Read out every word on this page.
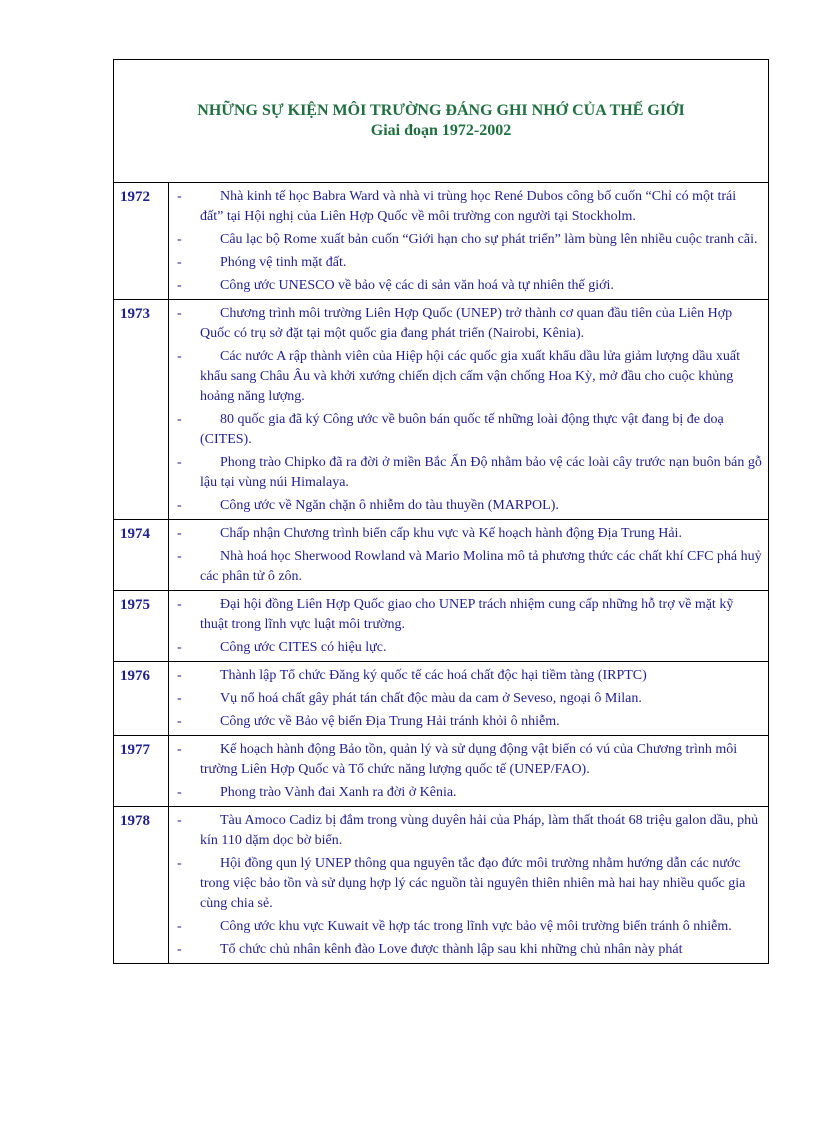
NHỮNG SỰ KIỆN MÔI TRƯỜNG ĐÁNG GHI NHỚ CỦA THẾ GIỚI
Giai đoạn 1972-2002
1972	-	Nhà kinh tế học Babra Ward và nhà vi trùng học René Dubos công bố cuốn “Chỉ có một trái đất” tại Hội nghị của Liên Hợp Quốc về môi trường con người tại Stockholm.
-	Câu lạc bộ Rome xuất bản cuốn “Giới hạn cho sự phát triển” làm bùng lên nhiều cuộc tranh cãi.
-	Phóng vệ tinh mặt đất.
-	Công ước UNESCO về bảo vệ các di sản văn hoá và tự nhiên thế giới.
1973	-	Chương trình môi trường Liên Hợp Quốc (UNEP) trở thành cơ quan đầu tiên của Liên Hợp Quốc có trụ sở đặt tại một quốc gia đang phát triển (Nairobi, Kênia).
-	Các nước A rập thành viên của Hiệp hội các quốc gia xuất khẩu dầu lửa giảm lượng dầu xuất khẩu sang Châu Âu và khởi xướng chiến dịch cấm vận chống Hoa Kỳ, mở đầu cho cuộc khủng hoảng năng lượng.
-	80 quốc gia đã ký Công ước về buôn bán quốc tế những loài động thực vật đang bị đe doạ (CITES).
-	Phong trào Chipko đã ra đời ở miền Bắc Ấn Độ nhằm bảo vệ các loài cây trước nạn buôn bán gỗ lậu tại vùng núi Himalaya.
-	Công ước về Ngăn chặn ô nhiễm do tàu thuyền (MARPOL).
1974	-	Chấp nhận Chương trình biển cấp khu vực và Kế hoạch hành động Địa Trung Hải.
-	Nhà hoá học Sherwood Rowland và Mario Molina mô tả phương thức các chất khí CFC phá huỷ các phân tử ô zôn.
1975	-	Đại hội đồng Liên Hợp Quốc giao cho UNEP trách nhiệm cung cấp những hỗ trợ về mặt kỹ thuật trong lĩnh vực luật môi trường.
-	Công ước CITES có hiệu lực.
1976	-	Thành lập Tổ chức Đăng ký quốc tế các hoá chất độc hại tiềm tàng (IRPTC)
-	Vụ nổ hoá chất gây phát tán chất độc màu da cam ở Seveso, ngoại ô Milan.
-	Công ước về Bảo vệ biển Địa Trung Hải tránh khỏi ô nhiễm.
1977	-	Kế hoạch hành động Bảo tồn, quản lý và sử dụng động vật biển có vú của Chương trình môi trường Liên Hợp Quốc và Tổ chức năng lượng quốc tế (UNEP/FAO).
-	Phong trào Vành đai Xanh ra đời ở Kênia.
1978	-	Tàu Amoco Cadiz bị đắm trong vùng duyên hải của Pháp, làm thất thoát 68 triệu galon dầu, phủ kín 110 dặm dọc bờ biển.
-	Hội đồng qun lý UNEP thông qua nguyên tắc đạo đức môi trường nhằm hướng dẫn các nước trong việc bảo tồn và sử dụng hợp lý các nguồn tài nguyên thiên nhiên mà hai hay nhiều quốc gia cùng chia sẻ.
-	Công ước khu vực Kuwait về hợp tác trong lĩnh vực bảo vệ môi trường biển tránh ô nhiễm.
-	Tổ chức chủ nhân kênh đào Love được thành lập sau khi những chủ nhân này phát
